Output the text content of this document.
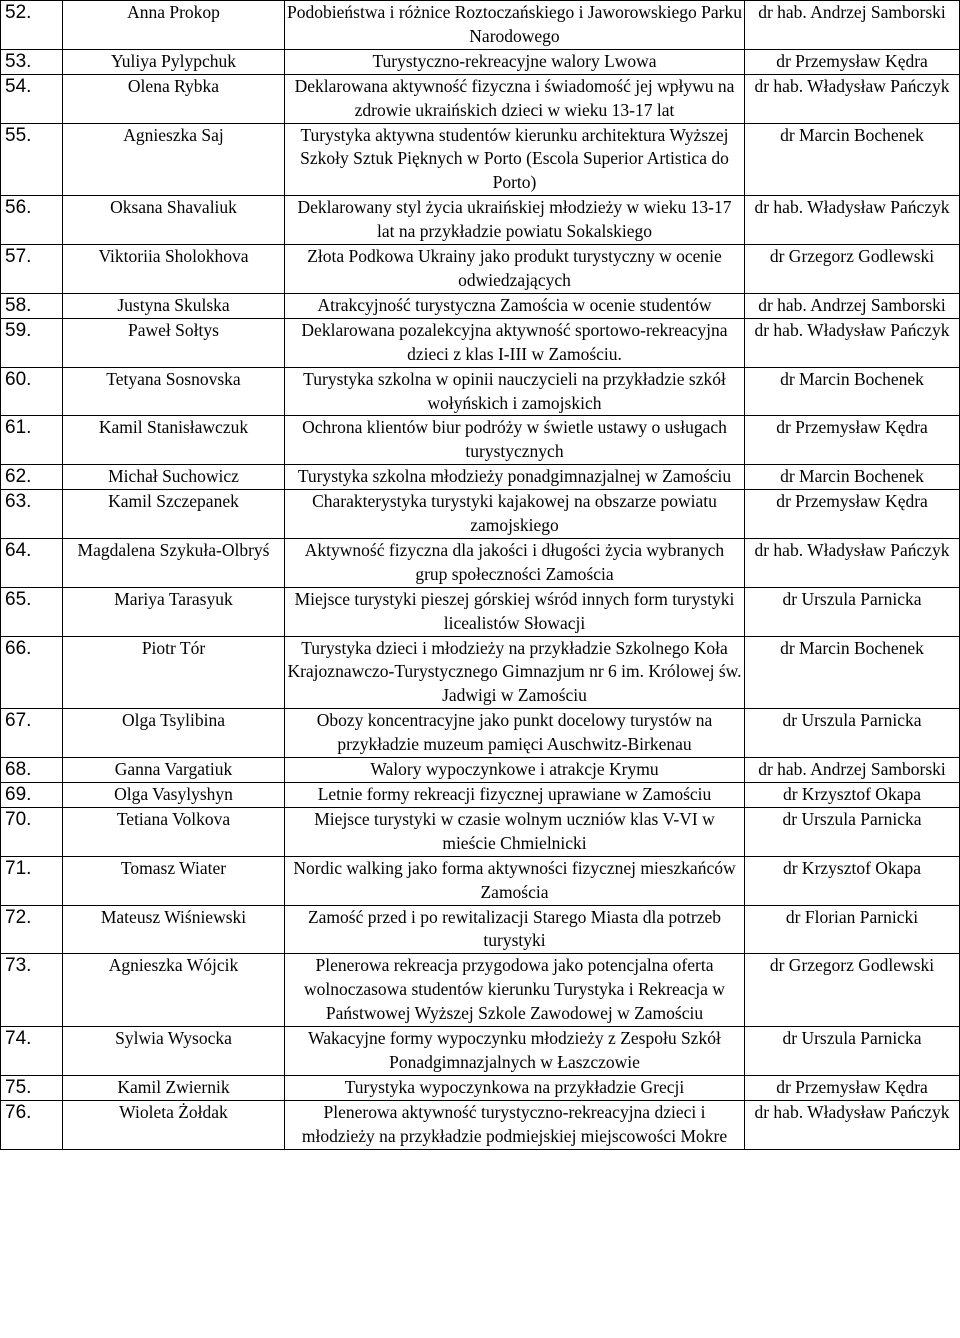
52.	Anna Prokop	Podobieństwa i różnice Roztoczańskiego i Jaworowskiego Parku Narodowego	dr hab. Andrzej Samborski
53.	Yuliya Pylypchuk	Turystyczno-rekreacyjne walory Lwowa	dr Przemysław Kędra
54.	Olena Rybka	Deklarowana aktywność fizyczna i świadomość jej wpływu na zdrowie ukraińskich dzieci w wieku 13-17 lat	dr hab. Władysław Pańczyk
55.	Agnieszka Saj	Turystyka aktywna studentów kierunku architektura Wyższej Szkoły Sztuk Pięknych w Porto (Escola Superior Artistica do Porto)	dr Marcin Bochenek
56.	Oksana Shavaliuk	Deklarowany styl życia ukraińskiej młodzieży w wieku 13-17 lat na przykładzie powiatu Sokalskiego	dr hab. Władysław Pańczyk
57.	Viktoriia Sholokhova	Złota Podkowa Ukrainy jako produkt turystyczny w ocenie odwiedzających	dr Grzegorz Godlewski
58.	Justyna Skulska	Atrakcyjność turystyczna Zamościa w ocenie studentów	dr hab. Andrzej Samborski
59.	Paweł Sołtys	Deklarowana pozalekcyjna aktywność sportowo-rekreacyjna dzieci z klas I-III w Zamościu.	dr hab. Władysław Pańczyk
60.	Tetyana Sosnovska	Turystyka szkolna w opinii nauczycieli na przykładzie szkół wołyńskich i zamojskich	dr Marcin Bochenek
61.	Kamil Stanisławczuk	Ochrona klientów biur podróży w świetle ustawy o usługach turystycznych	dr Przemysław Kędra
62.	Michał Suchowicz	Turystyka szkolna młodzieży ponadgimnazjalnej w Zamościu	dr Marcin Bochenek
63.	Kamil Szczepanek	Charakterystyka turystyki kajakowej na obszarze powiatu zamojskiego	dr Przemysław Kędra
64.	Magdalena Szykuła-Olbryś	Aktywność fizyczna dla jakości i długości życia wybranych grup społeczności Zamościa	dr hab. Władysław Pańczyk
65.	Mariya Tarasyuk	Miejsce turystyki pieszej górskiej wśród innych form turystyki licealistów Słowacji	dr Urszula Parnicka
66.	Piotr Tór	Turystyka dzieci i młodzieży na przykładzie Szkolnego Koła Krajoznawczo-Turystycznego Gimnazjum nr 6 im. Królowej św. Jadwigi w Zamościu	dr Marcin Bochenek
67.	Olga Tsylibina	Obozy koncentracyjne jako punkt docelowy turystów na przykładzie muzeum pamięci Auschwitz-Birkenau	dr Urszula Parnicka
68.	Ganna Vargatiuk	Walory wypoczynkowe i atrakcje Krymu	dr hab. Andrzej Samborski
69.	Olga Vasylyshyn	Letnie formy rekreacji fizycznej uprawiane w Zamościu	dr Krzysztof Okapa
70.	Tetiana Volkova	Miejsce turystyki w czasie wolnym uczniów klas V-VI w mieście Chmielnicki	dr Urszula Parnicka
71.	Tomasz Wiater	Nordic walking jako forma aktywności fizycznej mieszkańców Zamościa	dr Krzysztof Okapa
72.	Mateusz Wiśniewski	Zamość przed i po rewitalizacji Starego Miasta dla potrzeb turystyki	dr Florian Parnicki
73.	Agnieszka Wójcik	Plenerowa rekreacja przygodowa jako potencjalna oferta wolnoczasowa studentów kierunku Turystyka i Rekreacja w Państwowej Wyższej Szkole Zawodowej w Zamościu	dr Grzegorz Godlewski
74.	Sylwia Wysocka	Wakacyjne formy wypoczynku młodzieży z Zespołu Szkół Ponadgimnazjalnych w Łaszczowie	dr Urszula Parnicka
75.	Kamil Zwiernik	Turystyka wypoczynkowa na przykładzie Grecji	dr Przemysław Kędra
76.	Wioleta Żołdak	Plenerowa aktywność turystyczno-rekreacyjna dzieci i młodzieży na przykładzie podmiejskiej miejscowości Mokre	dr hab. Władysław Pańczyk
